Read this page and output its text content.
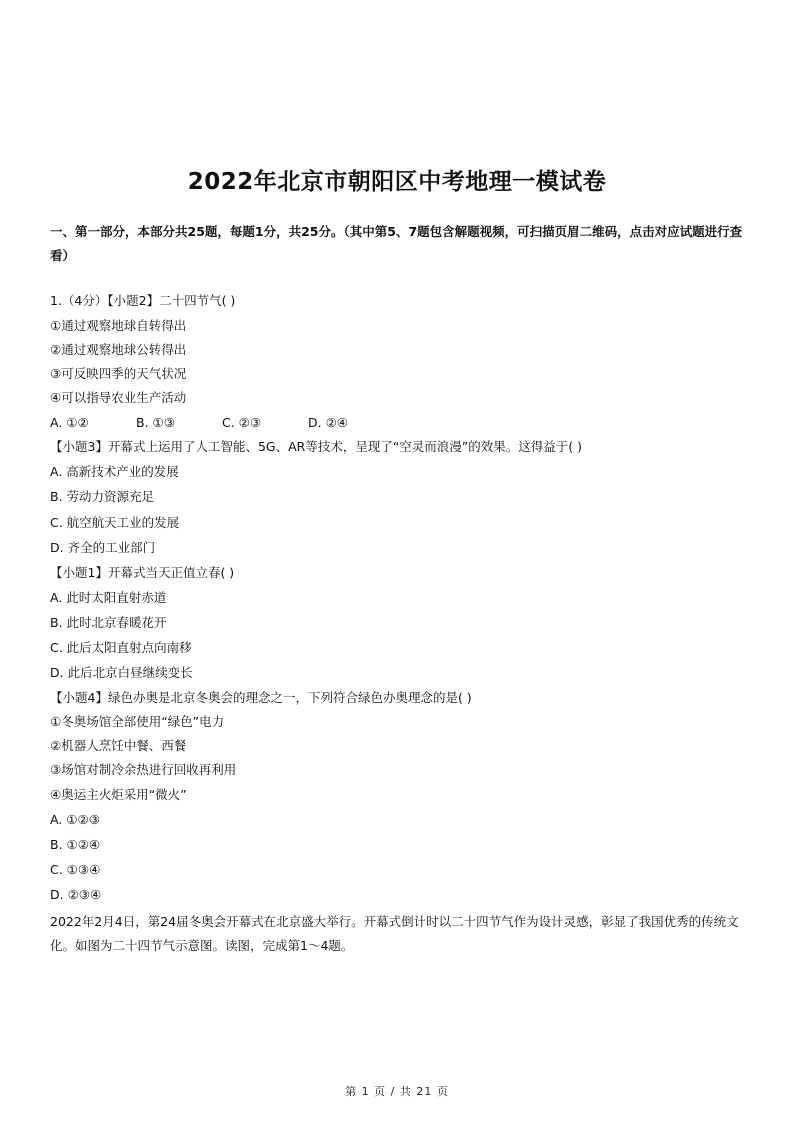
2022年北京市朝阳区中考地理一模试卷
一、第一部分，本部分共25题，每题1分，共25分。（其中第5、7题包含解题视频，可扫描页眉二维码，点击对应试题进行查看）
1.（4分）【小题2】二十四节气( )
①通过观察地球自转得出
②通过观察地球公转得出
③可反映四季的天气状况
④可以指导农业生产活动
A. ①②	B. ①③	C. ②③	D. ②④
【小题3】开幕式上运用了人工智能、5G、AR等技术，呈现了“空灵而浪漫”的效果。这得益于( )
A. 高新技术产业的发展
B. 劳动力资源充足
C. 航空航天工业的发展
D. 齐全的工业部门
【小题1】开幕式当天正值立春( )
A. 此时太阳直射赤道
B. 此时北京春暖花开
C. 此后太阳直射点向南移
D. 此后北京白昼继续变长
【小题4】绿色办奥是北京冬奥会的理念之一，下列符合绿色办奥理念的是( )
①冬奥场馆全部使用“绿色”电力
②机器人烹饪中餐、西餐
③场馆对制冷余热进行回收再利用
④奥运主火炬采用“微火”
A. ①②③
B. ①②④
C. ①③④
D. ②③④
2022年2月4日，第24届冬奥会开幕式在北京盛大举行。开幕式倒计时以二十四节气作为设计灵感，彰显了我国优秀的传统文化。如图为二十四节气示意图。读图，完成第1～4题。
第 1 页 / 共 21 页
